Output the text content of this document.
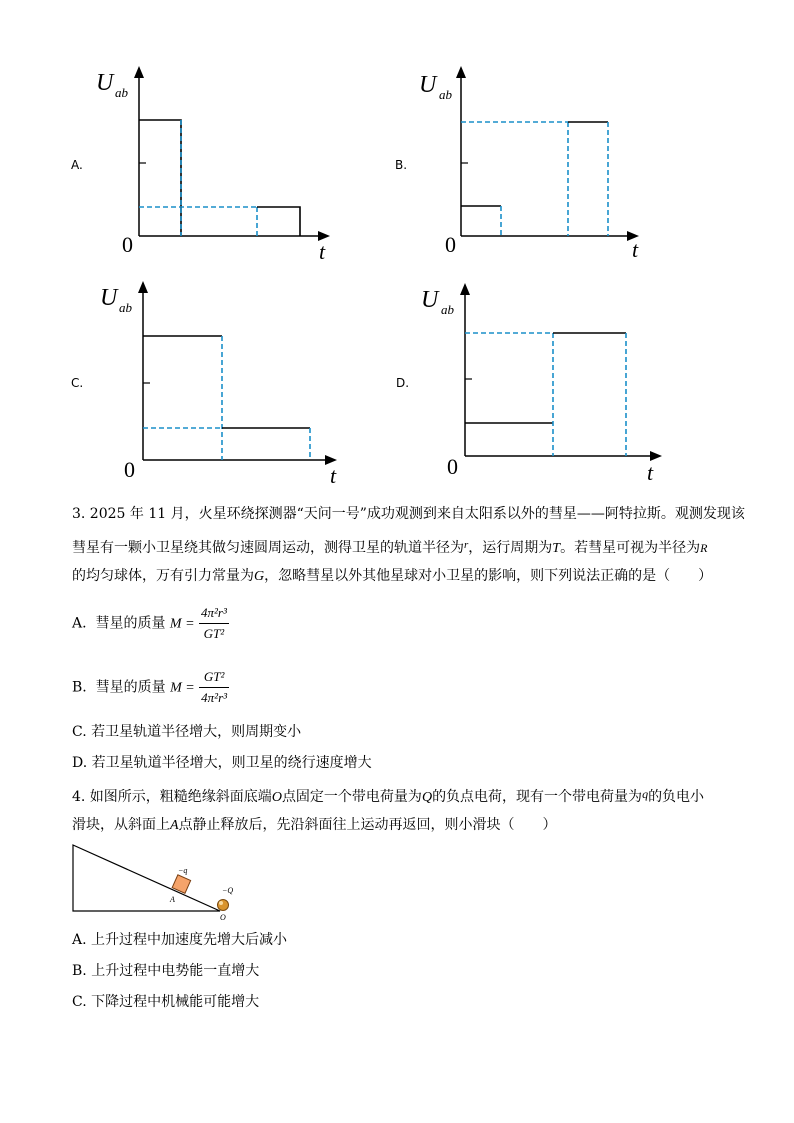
A.
U ab
0	t
B.
U ab
0	t
C.
U ab
0	t
D.
U ab
0	t
3. 2025 年 11 月，火星环绕探测器“天问一号”成功观测到来自太阳系以外的彗星——阿特拉斯。观测发现该
彗星有一颗小卫星绕其做匀速圆周运动，测得卫星的轨道半径为$^r$，运行周期为T。若彗星可视为半径为R
的均匀球体，万有引力常量为G，忽略彗星以外其他星球对小卫星的影响，则下列说法正确的是（　　）
A. 彗星的质量 $M = \frac{\text{4π²r³}}{\text{GT²}}$
B. 彗星的质量 $M = \frac{\text{GT²}}{\text{4π²r³}}$
C. 若卫星轨道半径增大，则周期变小
D. 若卫星轨道半径增大，则卫星的绕行速度增大
4. 如图所示，粗糙绝缘斜面底端O点固定一个带电荷量为Q的负点电荷，现有一个带电荷量为q的负电小
滑块，从斜面上A点静止释放后，先沿斜面往上运动再返回，则小滑块（　　）
−q
A
−Q
O
A. 上升过程中加速度先增大后减小
B. 上升过程中电势能一直增大
C. 下降过程中机械能可能增大
